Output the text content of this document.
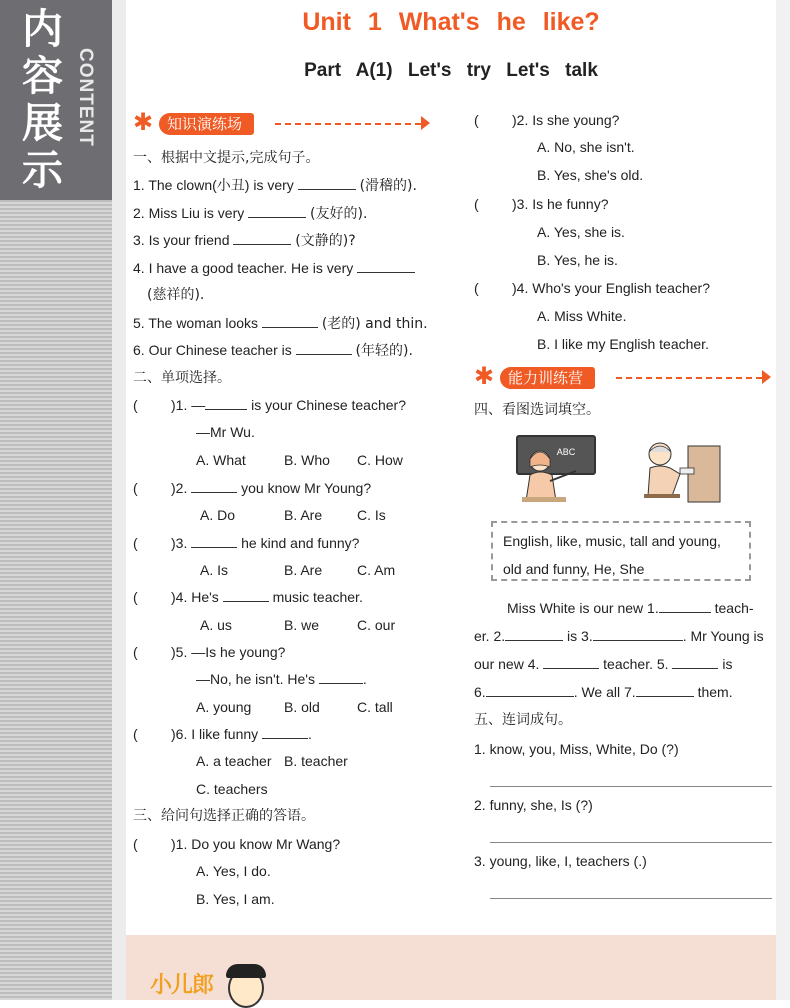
内容展示
CONTENT
小儿郎
Unit 1 What's he like?
Part A(1) Let's try Let's talk
✱ 知识演练场
✱ 能力训练营
一、根据中文提示,完成句子。
1. The clown(小丑) is very	(滑稽的).
2. Miss Liu is very	(友好的).
3. Is your friend	(文静的)?
4. I have a good teacher. He is very
(慈祥的).
5. The woman looks	(老的) and thin.
6. Our Chinese teacher is	(年轻的).
二、单项选择。
( )1. —	is your Chinese teacher?
—Mr Wu.
A. What	B. Who C. How
( )2.	you know Mr Young?
A. Do	B. Are C. Is
( )3.	he kind and funny?
A. Is	B. Are C. Am
( )4. He's	music teacher.
A. us	B. we	C. our
( )5. —Is he young?
—No, he isn't. He's	.
A. young B. old	C. tall
( )6. I like funny	.
A. a teacher B. teacher
C. teachers
三、给问句选择正确的答语。
( )1. Do you know Mr Wang?
A. Yes, I do.
B. Yes, I am.
( )2. Is she young?
A. No, she isn't.
B. Yes, she's old.
( )3. Is he funny?
A. Yes, she is.
B. Yes, he is.
( )4. Who's your English teacher?
A. Miss White.
B. I like my English teacher.
四、看图选词填空。
ABC
English, like, music, tall and young,
old and funny, He, She
Miss White is our new 1.	teach-
er. 2.	is 3.	. Mr Young is
our new 4.	teacher. 5.	is
6.	. We all 7.	them.
五、连词成句。
1. know, you, Miss, White, Do (?)
2. funny, she, Is (?)
3. young, like, I, teachers (.)
